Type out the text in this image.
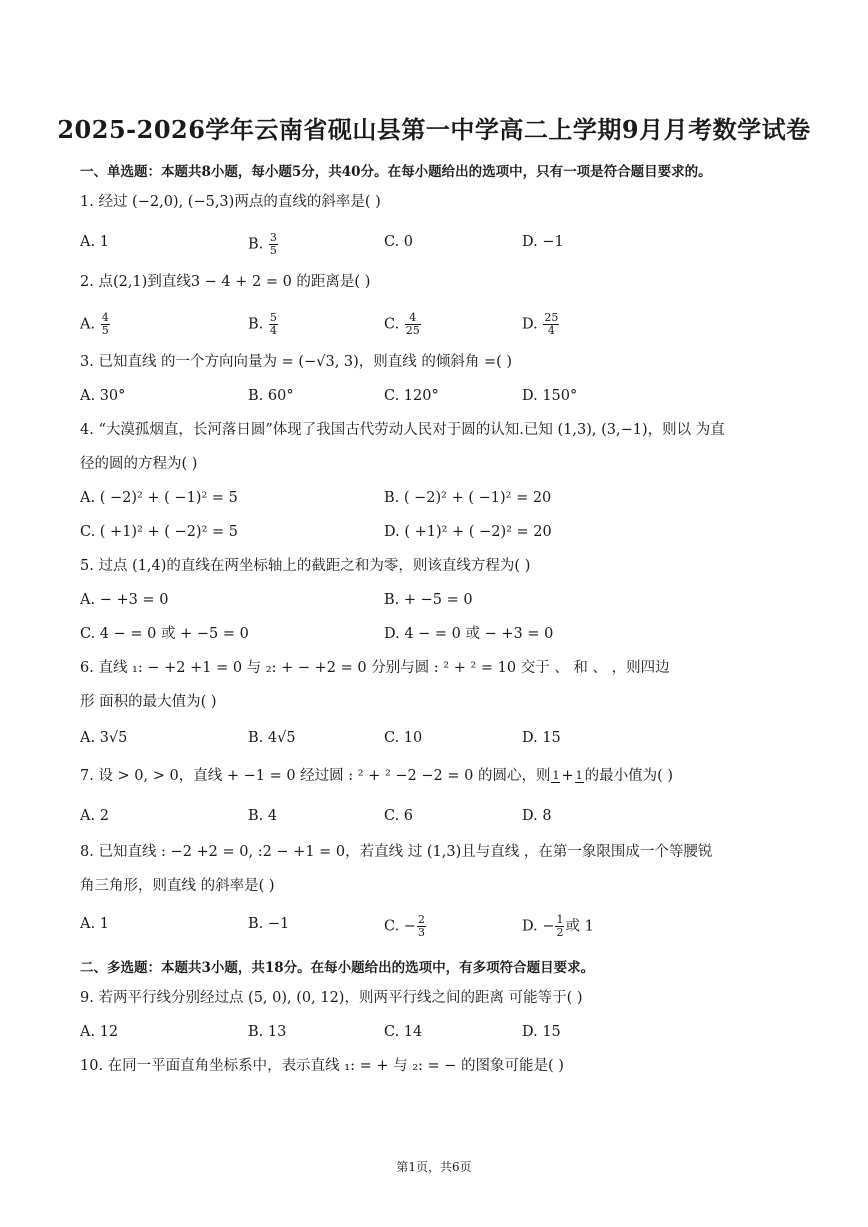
2025-2026学年云南省砚山县第一中学高二上学期9月月考数学试卷
一、单选题：本题共8小题，每小题5分，共40分。在每小题给出的选项中，只有一项是符合题目要求的。
1. 经过 (−2,0), (−5,3)两点的直线的斜率是( )
A. 1	B. $\frac{3}{5}$	C. 0	D. −1
2. 点(2,1)到直线3 − 4 + 2 = 0 的距离是( )
A. $\frac{4}{5}$	B. $\frac{5}{4}$	C. $\frac{4}{25}$	D. $\frac{25}{4}$
3. 已知直线 的一个方向向量为 = (−√3, 3)，则直线 的倾斜角 =( )
A. 30°	B. 60°	C. 120°	D. 150°
4. “大漠孤烟直，长河落日圆”体现了我国古代劳动人民对于圆的认知.已知 (1,3), (3,−1)，则以 为直
径的圆的方程为( )
A. ( −2)² + ( −1)² = 5	B. ( −2)² + ( −1)² = 20
C. ( +1)² + ( −2)² = 5	D. ( +1)² + ( −2)² = 20
5. 过点 (1,4)的直线在两坐标轴上的截距之和为零，则该直线方程为( )
A. − +3 = 0	B. + −5 = 0
C. 4 − = 0 或 + −5 = 0	D. 4 − = 0 或 − +3 = 0
6. 直线 ₁: − +2 +1 = 0 与 ₂: + − +2 = 0 分别与圆 : ² + ² = 10 交于 、 和 、 ，则四边
形 面积的最大值为( )
A. 3√5	B. 4√5	C. 10	D. 15
7. 设 > 0, > 0，直线 + −1 = 0 经过圆 : ² + ² −2 −2 = 0 的圆心，则 1 + 1 的最小值为( )
A. 2	B. 4	C. 6	D. 8
8. 已知直线 : −2 +2 = 0, :2 − +1 = 0，若直线 过 (1,3)且与直线 ，在第一象限围成一个等腰锐
角三角形，则直线 的斜率是( )
A. 1	B. −1	C. − $\frac{2}{3}$	D. − $\frac{1}{2}$ 或 1
二、多选题：本题共3小题，共18分。在每小题给出的选项中，有多项符合题目要求。
9. 若两平行线分别经过点 (5, 0), (0, 12)，则两平行线之间的距离 可能等于( )
A. 12	B. 13	C. 14	D. 15
10. 在同一平面直角坐标系中，表示直线 ₁: = + 与 ₂: = − 的图象可能是( )
第1页，共6页
